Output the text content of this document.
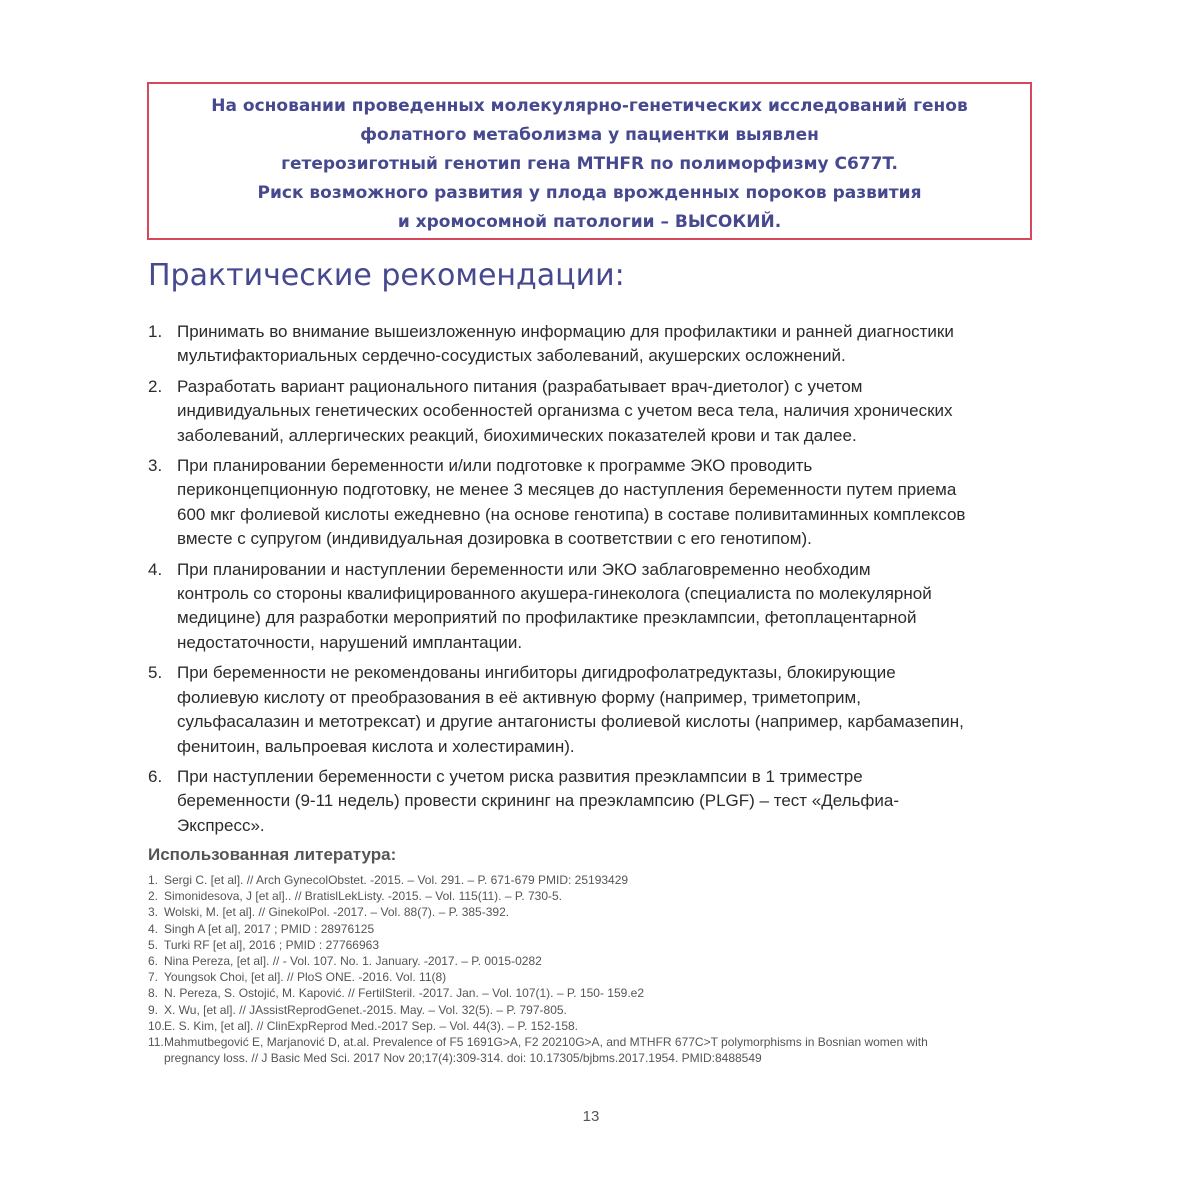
На основании проведенных молекулярно-генетических исследований генов
фолатного метаболизма у пациентки выявлен
гетерозиготный генотип гена MTHFR по полиморфизму C677T.
Риск возможного развития у плода врожденных пороков развития
и хромосомной патологии – ВЫСОКИЙ.
Практические рекомендации:
1. Принимать во внимание вышеизложенную информацию для профилактики и ранней диагностики
мультифакториальных сердечно-сосудистых заболеваний, акушерских осложнений.
2. Разработать вариант рационального питания (разрабатывает врач-диетолог) с учетом
индивидуальных генетических особенностей организма с учетом веса тела, наличия хронических
заболеваний, аллергических реакций, биохимических показателей крови и так далее.
3. При планировании беременности и/или подготовке к программе ЭКО проводить
периконцепционную подготовку, не менее 3 месяцев до наступления беременности путем приема
600 мкг фолиевой кислоты ежедневно (на основе генотипа) в составе поливитаминных комплексов
вместе с супругом (индивидуальная дозировка в соответствии с его генотипом).
4. При планировании и наступлении беременности или ЭКО заблаговременно необходим
контроль со стороны квалифицированного акушера-гинеколога (специалиста по молекулярной
медицине) для разработки мероприятий по профилактике преэклампсии, фетоплацентарной
недостаточности, нарушений имплантации.
5. При беременности не рекомендованы ингибиторы дигидрофолатредуктазы, блокирующие
фолиевую кислоту от преобразования в её активную форму (например, триметоприм,
сульфасалазин и метотрексат) и другие антагонисты фолиевой кислоты (например, карбамазепин,
фенитоин, вальпроевая кислота и холестирамин).
6. При наступлении беременности с учетом риска развития преэклампсии в 1 триместре
беременности (9-11 недель) провести скрининг на преэклампсию (PLGF) – тест «Дельфиа-
Экспресс».
Использованная литература:
1. Sergi C. [et al]. // Arch GynecolObstet. -2015. – Vol. 291. – P. 671-679 PMID: 25193429
2. Simonidesova, J [et al].. // BratislLekListy. -2015. – Vol. 115(11). – P. 730-5.
3. Wolski, M. [et al]. // GinekolPol. -2017. – Vol. 88(7). – P. 385-392.
4. Singh A [et al], 2017 ; PMID : 28976125
5. Turki RF [et al], 2016 ; PMID : 27766963
6. Nina Pereza, [et al]. // - Vol. 107. No. 1. January. -2017. – P. 0015-0282
7. Youngsok Choi, [et al]. // PloS ONE. -2016. Vol. 11(8)
8. N. Pereza, S. Ostojić, M. Kapović. // FertilSteril. -2017. Jan. – Vol. 107(1). – P. 150- 159.e2
9. X. Wu, [et al]. // JAssistReprodGenet.-2015. May. – Vol. 32(5). – P. 797-805.
10. E. S. Kim, [et al]. // ClinExpReprod Med.-2017 Sep. – Vol. 44(3). – P. 152-158.
11. Mahmutbegović E, Marjanović D, at.al. Prevalence of F5 1691G>A, F2 20210G>A, and MTHFR 677C>T polymorphisms in Bosnian women with
pregnancy loss. // J Basic Med Sci. 2017 Nov 20;17(4):309-314. doi: 10.17305/bjbms.2017.1954. PMID:8488549
13
